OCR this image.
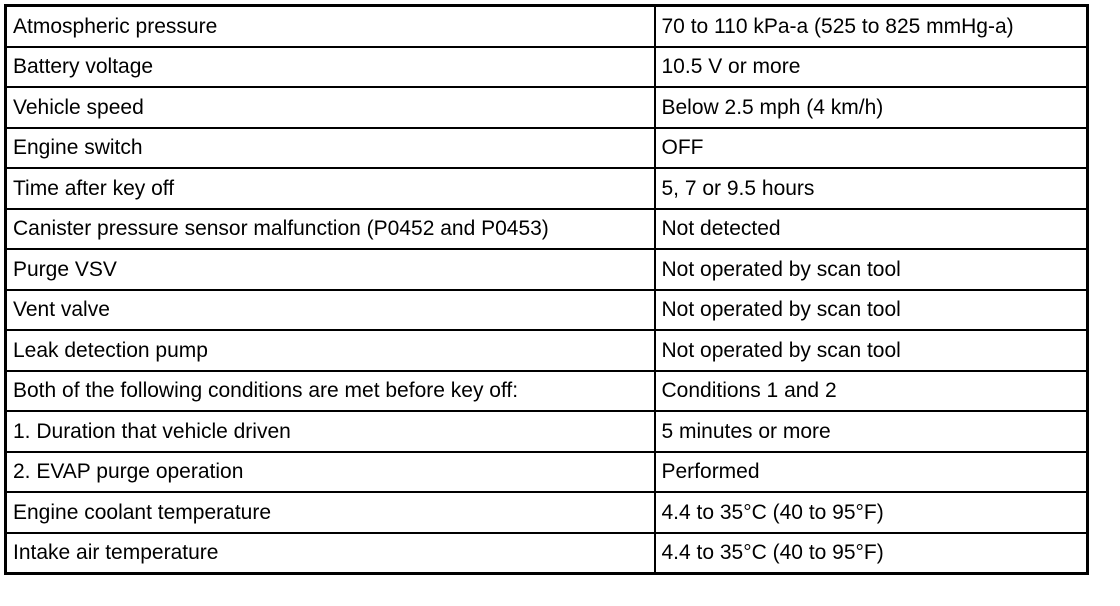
Atmospheric pressure	70 to 110 kPa-a (525 to 825 mmHg-a)
Battery voltage	10.5 V or more
Vehicle speed	Below 2.5 mph (4 km/h)
Engine switch	OFF
Time after key off	5, 7 or 9.5 hours
Canister pressure sensor malfunction (P0452 and P0453)	Not detected
Purge VSV	Not operated by scan tool
Vent valve	Not operated by scan tool
Leak detection pump	Not operated by scan tool
Both of the following conditions are met before key off:	Conditions 1 and 2
1. Duration that vehicle driven	5 minutes or more
2. EVAP purge operation	Performed
Engine coolant temperature	4.4 to 35°C (40 to 95°F)
Intake air temperature	4.4 to 35°C (40 to 95°F)
